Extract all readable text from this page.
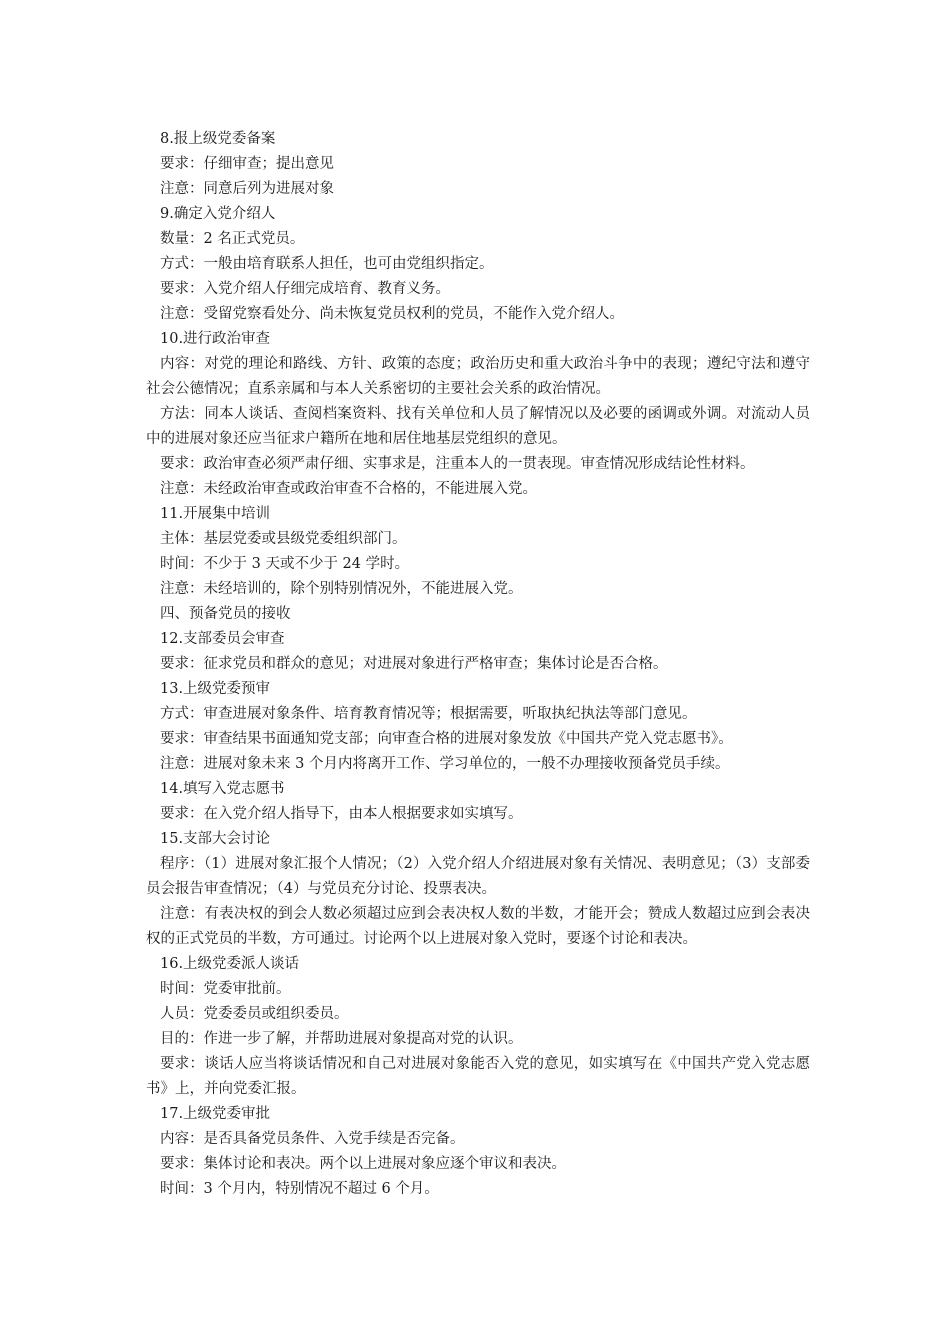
8.报上级党委备案
要求：仔细审查；提出意见
注意：同意后列为进展对象
9.确定入党介绍人
数量：2 名正式党员。
方式：一般由培育联系人担任，也可由党组织指定。
要求：入党介绍人仔细完成培育、教育义务。
注意：受留党察看处分、尚未恢复党员权利的党员，不能作入党介绍人。
10.进行政治审查
内容：对党的理论和路线、方针、政策的态度；政治历史和重大政治斗争中的表现；遵纪守法和遵守社会公德情况；直系亲属和与本人关系密切的主要社会关系的政治情况。
方法：同本人谈话、查阅档案资料、找有关单位和人员了解情况以及必要的函调或外调。对流动人员中的进展对象还应当征求户籍所在地和居住地基层党组织的意见。
要求：政治审查必须严肃仔细、实事求是，注重本人的一贯表现。审查情况形成结论性材料。
注意：未经政治审查或政治审查不合格的，不能进展入党。
11.开展集中培训
主体：基层党委或县级党委组织部门。
时间：不少于 3 天或不少于 24 学时。
注意：未经培训的，除个别特别情况外，不能进展入党。
四、预备党员的接收
12.支部委员会审查
要求：征求党员和群众的意见；对进展对象进行严格审查；集体讨论是否合格。
13.上级党委预审
方式：审查进展对象条件、培育教育情况等；根据需要，听取执纪执法等部门意见。
要求：审查结果书面通知党支部；向审查合格的进展对象发放《中国共产党入党志愿书》。
注意：进展对象未来 3 个月内将离开工作、学习单位的，一般不办理接收预备党员手续。
14.填写入党志愿书
要求：在入党介绍人指导下，由本人根据要求如实填写。
15.支部大会讨论
程序：（1）进展对象汇报个人情况；（2）入党介绍人介绍进展对象有关情况、表明意见；（3）支部委员会报告审查情况；（4）与党员充分讨论、投票表决。
注意：有表决权的到会人数必须超过应到会表决权人数的半数，才能开会；赞成人数超过应到会表决权的正式党员的半数，方可通过。讨论两个以上进展对象入党时，要逐个讨论和表决。
16.上级党委派人谈话
时间：党委审批前。
人员：党委委员或组织委员。
目的：作进一步了解，并帮助进展对象提高对党的认识。
要求：谈话人应当将谈话情况和自己对进展对象能否入党的意见，如实填写在《中国共产党入党志愿书》上，并向党委汇报。
17.上级党委审批
内容：是否具备党员条件、入党手续是否完备。
要求：集体讨论和表决。两个以上进展对象应逐个审议和表决。
时间：3 个月内，特别情况不超过 6 个月。
